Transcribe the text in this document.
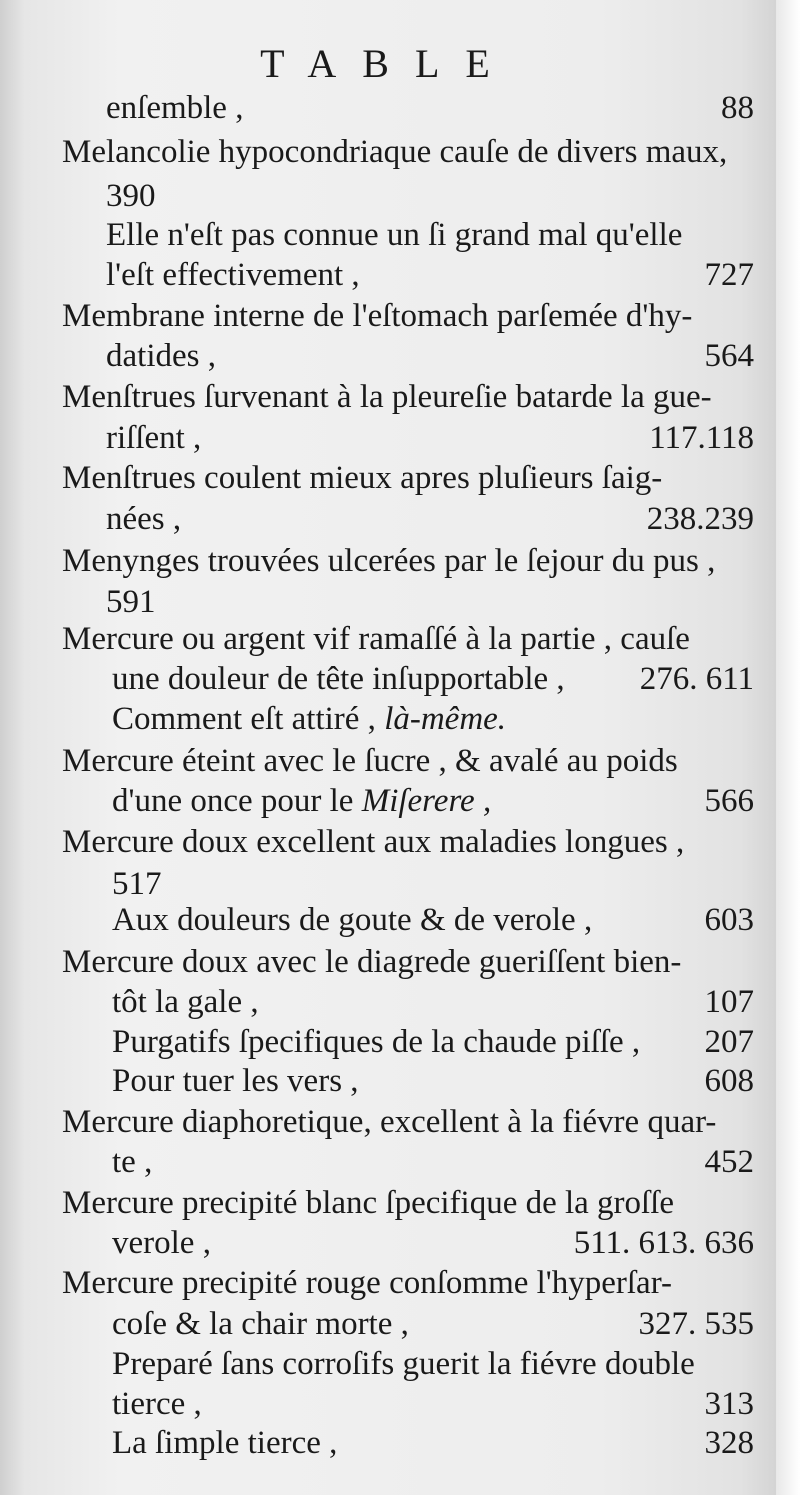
TABLE
enſemble ,	88
Melancolie hypocondriaque cauſe de divers maux,
390
Elle n'eſt pas connue un ſi grand mal qu'elle
l'eſt effectivement ,	727
Membrane interne de l'eſtomach parſemée d'hy-
datides ,	564
Menſtrues ſurvenant à la pleureſie batarde la gue-
riſſent ,	117.118
Menſtrues coulent mieux apres pluſieurs ſaig-
nées ,	238.239
Menynges trouvées ulcerées par le ſejour du pus ,
591
Mercure ou argent vif ramaſſé à la partie , cauſe
une douleur de tête inſupportable , 276. 611
Comment eſt attiré , là-même.
Mercure éteint avec le ſucre , & avalé au poids
d'une once pour le Miſerere ,	566
Mercure doux excellent aux maladies longues ,
517
Aux douleurs de goute & de verole ,	603
Mercure doux avec le diagrede gueriſſent bien-
tôt la gale ,	107
Purgatifs ſpecifiques de la chaude piſſe , 207
Pour tuer les vers ,	608
Mercure diaphoretique, excellent à la fiévre quar-
te ,	452
Mercure precipité blanc ſpecifique de la groſſe
verole ,	511. 613. 636
Mercure precipité rouge conſomme l'hyperſar-
coſe & la chair morte ,	327. 535
Preparé ſans corroſifs guerit la fiévre double
tierce ,	313
La ſimple tierce ,	328
